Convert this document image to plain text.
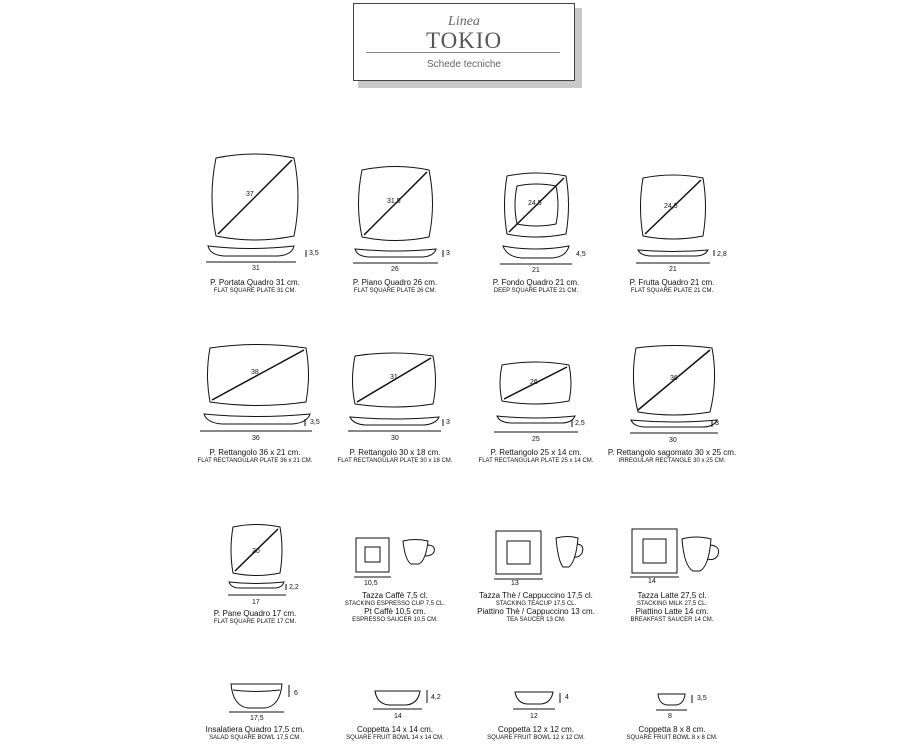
Linea
TOKIO
Schede tecniche
37
31
3,5
31,5
26
3
24,5
21
4,5
24,5
21
2,8
38
36
3,5
31
30
3
26
25
2,5
36
30
3
20
17
2,2
10,5	13	14
17,5
6
14
4,2
12
4
8
3,5
P. Portata Quadro 31 cm.
FLAT SQUARE PLATE 31 CM.
P. Piano Quadro 26 cm.
FLAT SQUARE PLATE 26 CM.
P. Fondo Quadro 21 cm.
DEEP SQUARE PLATE 21 CM.
P. Frutta Quadro 21 cm.
FLAT SQUARE PLATE 21 CM.
P. Rettangolo 36 x 21 cm.
FLAT RECTANGULAR PLATE 36 x 21 CM.
P. Rettangolo 30 x 18 cm.
FLAT RECTANGULAR PLATE 30 x 18 CM.
P. Rettangolo 25 x 14 cm.
FLAT RECTANGULAR PLATE 25 x 14 CM.
P. Rettangolo sagomato 30 x 25 cm.
IRREGULAR RECTANGLE 30 x 25 CM.
P. Pane Quadro 17 cm.
FLAT SQUARE PLATE 17 CM.
Tazza Caffè 7,5 cl.
STACKING ESPRESSO CUP 7,5 CL.
Pt Caffè 10,5 cm.
ESPRESSO SAUCER 10,5 CM.
Tazza Thè / Cappuccino 17,5 cl.
STACKING TEACUP 17,5 CL.
Piattino Thè / Cappuccino 13 cm.
TEA SAUCER 13 CM.
Tazza Latte 27,5 cl.
STACKING MILK 27,5 CL.
Piattino Latte 14 cm.
BREAKFAST SAUCER 14 CM.
Insalatiera Quadro 17,5 cm.
SALAD SQUARE BOWL 17,5 CM.
Coppetta 14 x 14 cm.
SQUARE FRUIT BOWL 14 x 14 CM.
Coppetta 12 x 12 cm.
SQUARE FRUIT BOWL 12 x 12 CM.
Coppetta 8 x 8 cm.
SQUARE FRUIT BOWL 8 x 8 CM.
